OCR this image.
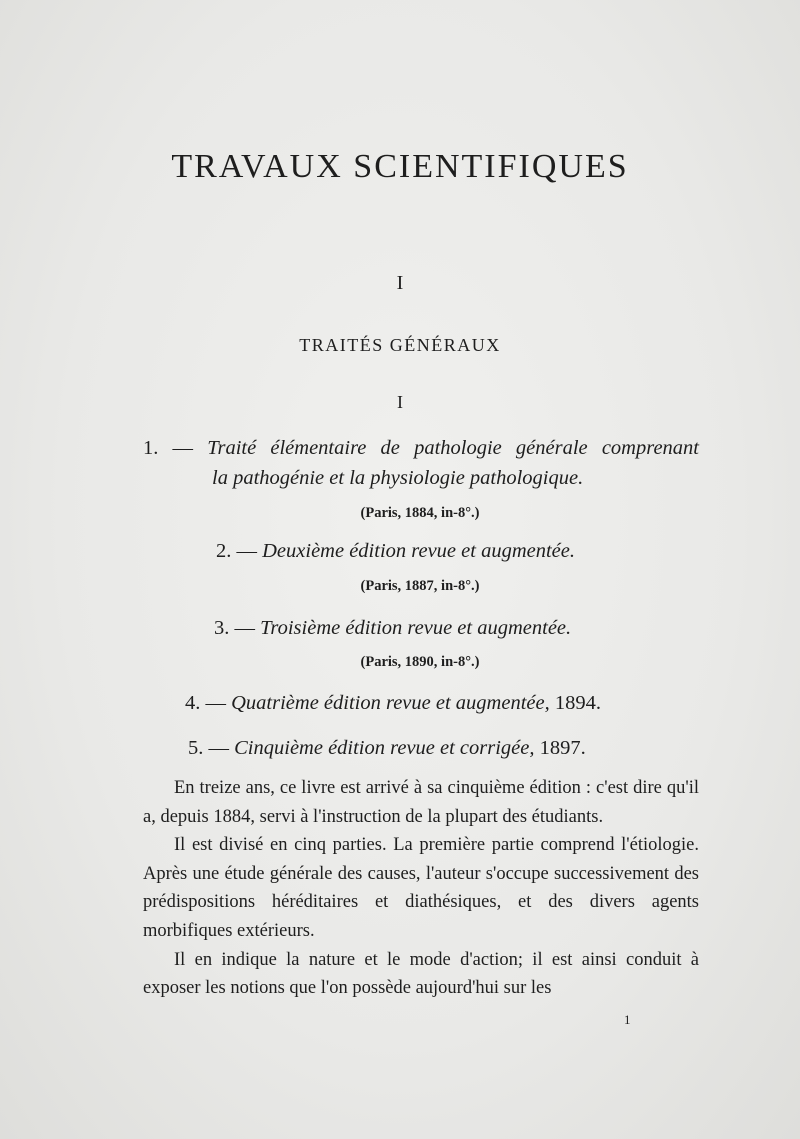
TRAVAUX SCIENTIFIQUES
I
TRAITÉS GÉNÉRAUX
I
1. — Traité élémentaire de pathologie générale comprenant
la pathogénie et la physiologie pathologique.
(Paris, 1884, in-8°.)
2. — Deuxième édition revue et augmentée.
(Paris, 1887, in-8°.)
3. — Troisième édition revue et augmentée.
(Paris, 1890, in-8°.)
4. — Quatrième édition revue et augmentée, 1894.
5. — Cinquième édition revue et corrigée, 1897.

En treize ans, ce livre est arrivé à sa cinquième édition : c'est dire qu'il a, depuis 1884, servi à l'instruction de la plupart des étudiants.

Il est divisé en cinq parties. La première partie comprend l'étiologie. Après une étude générale des causes, l'auteur s'occupe successivement des prédispositions héréditaires et diathésiques, et des divers agents morbifiques extérieurs.

Il en indique la nature et le mode d'action; il est ainsi conduit à exposer les notions que l'on possède aujourd'hui sur les

1
